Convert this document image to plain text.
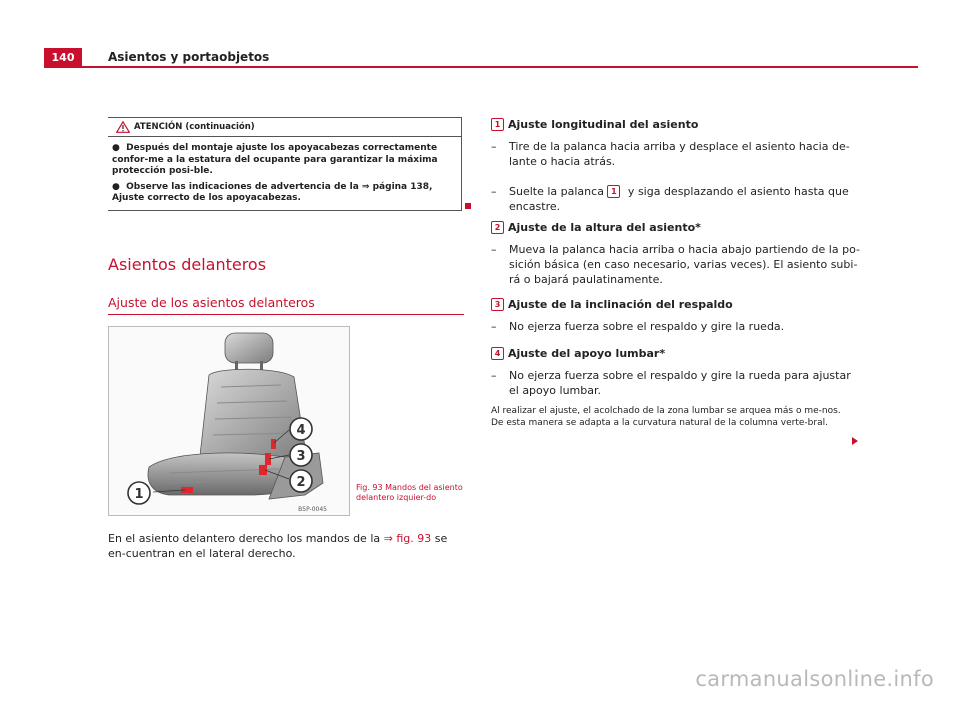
140	Asientos y portaobjetos
ATENCIÓN (continuación)

● Después del montaje ajuste los apoyacabezas correctamente confor-me a la estatura del ocupante para garantizar la máxima protección posi-ble.

● Observe las indicaciones de advertencia de la ⇒ página 138, Ajuste correcto de los apoyacabezas.

Asientos delanteros
Ajuste de los asientos delanteros
1
2
3
4
B5P-0045
Fig. 93 Mandos del asiento delantero izquier-do
En el asiento delantero derecho los mandos de la ⇒ fig. 93 se en-cuentran en el lateral derecho.
1 Ajuste longitudinal del asiento
– Tire de la palanca hacia arriba y desplace el asiento hacia de-lante o hacia atrás.
– Suelte la palanca 1 y siga desplazando el asiento hasta que encastre.
2 Ajuste de la altura del asiento*
– Mueva la palanca hacia arriba o hacia abajo partiendo de la po-sición básica (en caso necesario, varias veces). El asiento subi-rá o bajará paulatinamente.
3 Ajuste de la inclinación del respaldo
– No ejerza fuerza sobre el respaldo y gire la rueda.
4 Ajuste del apoyo lumbar*
– No ejerza fuerza sobre el respaldo y gire la rueda para ajustar el apoyo lumbar.
Al realizar el ajuste, el acolchado de la zona lumbar se arquea más o me-nos. De esta manera se adapta a la curvatura natural de la columna verte-bral.
carmanualsonline.info
